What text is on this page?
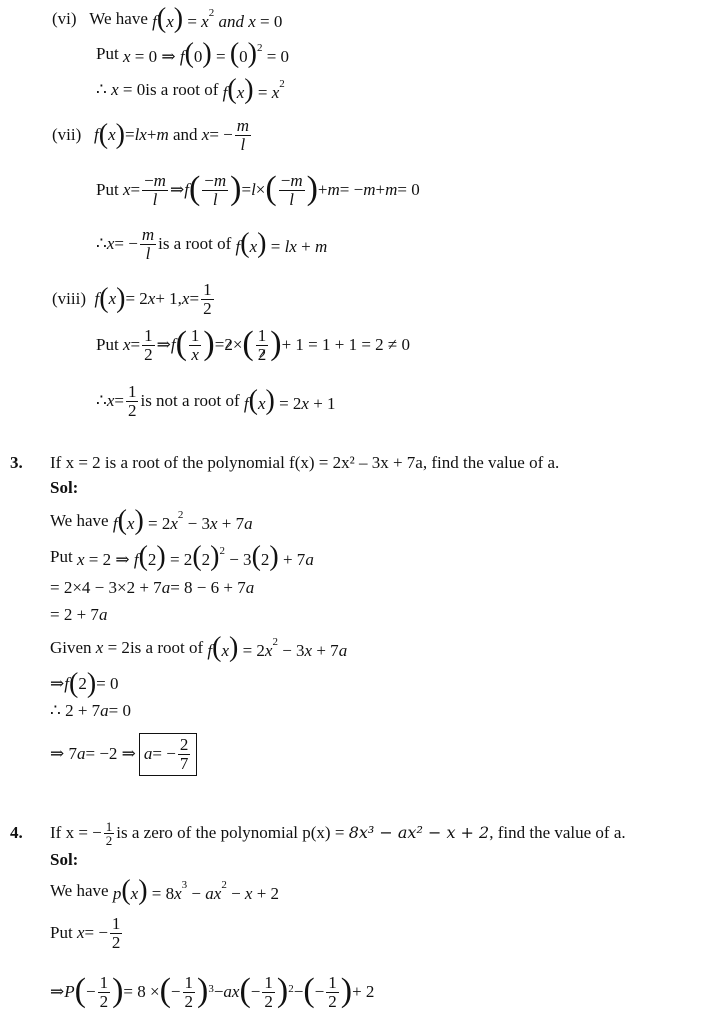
(vi)
We have
$f(x) = x^2$ and x = 0
Put
x = 0 ⇒ $f(0) = (0)^2 = 0$
∴ x = 0 is a root of
$f(x) = x^2$
(vii)
f ( x ) = lx + m
and
x = − $\frac{m}{l}$
Put
$x = \frac{-m}{l}$ ⇒ f ( $\frac{-m}{l}$ ) = l × ( $\frac{-m}{l}$ ) + m = − m + m = 0
∴ x = − $\frac{m}{l}$ is a root of
f(x) = lx + m
(viii)
f ( x ) = 2 x + 1, $x = \frac{1}{2}$
Put
$x = \frac{1}{2}$ ⇒ f ( $\frac{1}{x}$ ) = 2 × ( $\frac{1}{2}$ ) + 1 = 1 + 1 = 2 ≠ 0
∴ $x = \frac{1}{2}$ is not a root of
f(x) = 2x + 1
3. If x = 2 is a root of the polynomial f(x) = 2x² – 3x + 7a, find the value of a.
Sol:
We have
$f(x) = 2x^2 - 3x + 7a$
Put
x = 2 ⇒ $f(2) = 2(2)^2 - 3(2) + 7a$
= 2×4 − 3×2 + 7 a = 8 − 6 + 7 a
= 2 + 7 a
Given
x = 2 is a root of
$f(x) = 2x^2 - 3x + 7a$
⇒ f ( 2 ) = 0
∴ 2 + 7 a = 0
⇒ 7 a = −2 ⇒ a = − $\frac{2}{7}$
4. If x =
− $\frac{1}{2}$ is a zero of the polynomial p(x) =
8x³ − ax² − x + 2 , find the value of a.
Sol:
We have
$p(x) = 8x^3 - ax^2 - x + 2$
Put
x = − $\frac{1}{2}$
⇒ P ( − $\frac{1}{2}$ ) = 8 × ( − $\frac{1}{2} )^3$ − ax ( − $\frac{1}{2} )^2$ − ( − $\frac{1}{2}$ ) + 2
